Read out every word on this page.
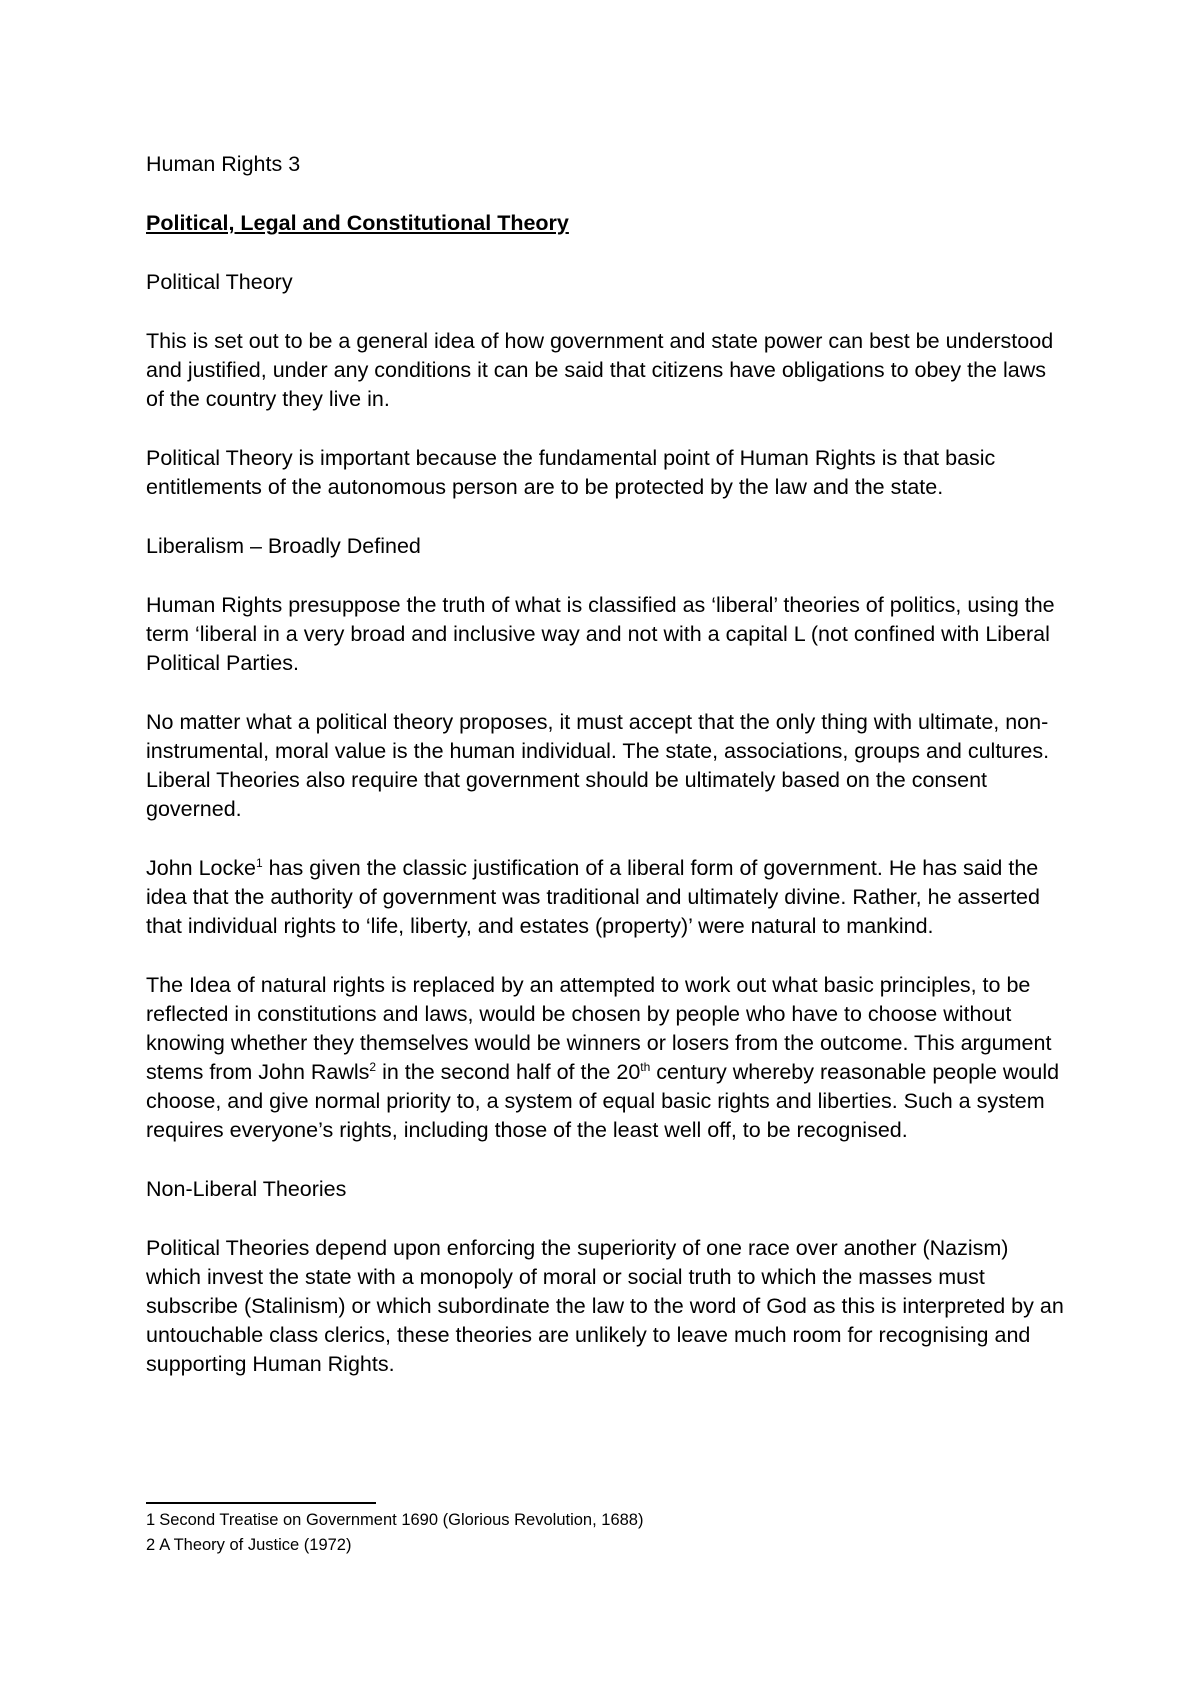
Human Rights 3

Political, Legal and Constitutional Theory

Political Theory

This is set out to be a general idea of how government and state power can best be understood and justified, under any conditions it can be said that citizens have obligations to obey the laws of the country they live in.

Political Theory is important because the fundamental point of Human Rights is that basic entitlements of the autonomous person are to be protected by the law and the state.

Liberalism – Broadly Defined

Human Rights presuppose the truth of what is classified as ‘liberal’ theories of politics, using the term ‘liberal in a very broad and inclusive way and not with a capital L (not confined with Liberal Political Parties.

No matter what a political theory proposes, it must accept that the only thing with ultimate, non-instrumental, moral value is the human individual. The state, associations, groups and cultures. Liberal Theories also require that government should be ultimately based on the consent governed.

John Locke$^1$ has given the classic justification of a liberal form of government. He has said the idea that the authority of government was traditional and ultimately divine. Rather, he asserted that individual rights to ‘life, liberty, and estates (property)’ were natural to mankind.

The Idea of natural rights is replaced by an attempted to work out what basic principles, to be reflected in constitutions and laws, would be chosen by people who have to choose without knowing whether they themselves would be winners or losers from the outcome. This argument stems from John Rawls$^2$ in the second half of the 20th century whereby reasonable people would choose, and give normal priority to, a system of equal basic rights and liberties. Such a system requires everyone’s rights, including those of the least well off, to be recognised.

Non-Liberal Theories

Political Theories depend upon enforcing the superiority of one race over another (Nazism) which invest the state with a monopoly of moral or social truth to which the masses must subscribe (Stalinism) or which subordinate the law to the word of God as this is interpreted by an untouchable class clerics, these theories are unlikely to leave much room for recognising and supporting Human Rights.

1 Second Treatise on Government 1690 (Glorious Revolution, 1688)
2 A Theory of Justice (1972)
